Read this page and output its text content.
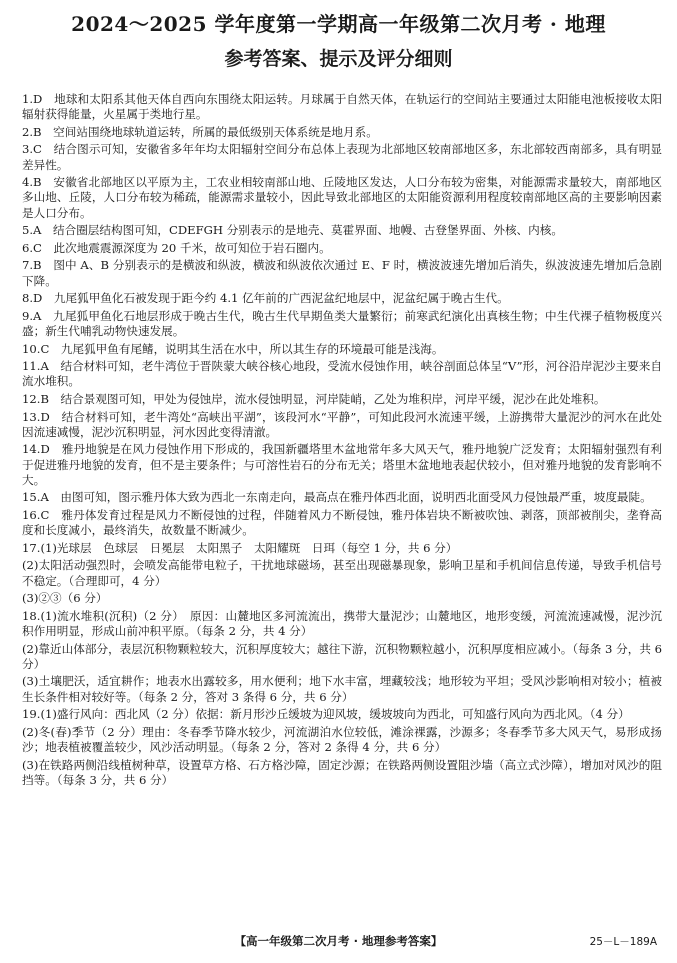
2024～2025 学年度第一学期高一年级第二次月考 · 地理
参考答案、提示及评分细则
1.D　地球和太阳系其他天体自西向东围绕太阳运转。月球属于自然天体，在轨运行的空间站主要通过太阳能电池板接收太阳辐射获得能量，火星属于类地行星。
2.B　空间站围绕地球轨道运转，所属的最低级别天体系统是地月系。
3.C　结合图示可知，安徽省多年年均太阳辐射空间分布总体上表现为北部地区较南部地区多，东北部较西南部多，具有明显差异性。
4.B　安徽省北部地区以平原为主，工农业相较南部山地、丘陵地区发达，人口分布较为密集，对能源需求量较大，南部地区多山地、丘陵，人口分布较为稀疏，能源需求量较小，因此导致北部地区的太阳能资源利用程度较南部地区高的主要影响因素是人口分布。
5.A　结合圈层结构图可知，CDEFGH 分别表示的是地壳、莫霍界面、地幔、古登堡界面、外核、内核。
6.C　此次地震震源深度为 20 千米，故可知位于岩石圈内。
7.B　图中 A、B 分别表示的是横波和纵波，横波和纵波依次通过 E、F 时，横波波速先增加后消失，纵波波速先增加后急剧下降。
8.D　九尾狐甲鱼化石被发现于距今约 4.1 亿年前的广西泥盆纪地层中，泥盆纪属于晚古生代。
9.A　九尾狐甲鱼化石地层形成于晚古生代，晚古生代早期鱼类大量繁衍；前寒武纪演化出真核生物；中生代裸子植物极度兴盛；新生代哺乳动物快速发展。
10.C　九尾狐甲鱼有尾鳍，说明其生活在水中，所以其生存的环境最可能是浅海。
11.A　结合材料可知，老牛湾位于晋陕蒙大峡谷核心地段，受流水侵蚀作用，峡谷剖面总体呈“V”形，河谷沿岸泥沙主要来自流水堆积。
12.B　结合景观图可知，甲处为侵蚀岸，流水侵蚀明显，河岸陡峭，乙处为堆积岸，河岸平缓，泥沙在此处堆积。
13.D　结合材料可知，老牛湾处“高峡出平湖”，该段河水“平静”，可知此段河水流速平缓，上游携带大量泥沙的河水在此处因流速减慢，泥沙沉积明显，河水因此变得清澈。
14.D　雅丹地貌是在风力侵蚀作用下形成的，我国新疆塔里木盆地常年多大风天气，雅丹地貌广泛发育；太阳辐射强烈有利于促进雅丹地貌的发育，但不是主要条件；与可溶性岩石的分布无关；塔里木盆地地表起伏较小，但对雅丹地貌的发育影响不大。
15.A　由图可知，图示雅丹体大致为西北一东南走向，最高点在雅丹体西北面，说明西北面受风力侵蚀最严重，坡度最陡。
16.C　雅丹体发育过程是风力不断侵蚀的过程，伴随着风力不断侵蚀，雅丹体岩块不断被吹蚀、剥落，顶部被削尖，垄脊高度和长度减小，最终消失，故数量不断减少。
17.(1)光球层　色球层　日冕层　太阳黑子　太阳耀斑　日珥（每空 1 分，共 6 分）
(2)太阳活动强烈时，会喷发高能带电粒子，干扰地球磁场，甚至出现磁暴现象，影响卫星和手机间信息传递，导致手机信号不稳定。（合理即可，4 分）
(3)②③（6 分）
18.(1)流水堆积(沉积)（2 分）　原因：山麓地区多河流流出，携带大量泥沙；山麓地区，地形变缓，河流流速减慢，泥沙沉积作用明显，形成山前冲积平原。（每条 2 分，共 4 分）
(2)靠近山体部分，表层沉积物颗粒较大，沉积厚度较大；越往下游，沉积物颗粒越小，沉积厚度相应减小。（每条 3 分，共 6 分）
(3)土壤肥沃，适宜耕作；地表水出露较多，用水便利；地下水丰富，埋藏较浅；地形较为平坦；受风沙影响相对较小；植被生长条件相对较好等。（每条 2 分，答对 3 条得 6 分，共 6 分）
19.(1)盛行风向：西北风（2 分）依据：新月形沙丘缓坡为迎风坡，缓坡坡向为西北，可知盛行风向为西北风。（4 分）
(2)冬(春)季节（2 分）理由：冬春季节降水较少，河流湖泊水位较低，滩涂裸露，沙源多；冬春季节多大风天气，易形成扬沙；地表植被覆盖较少，风沙活动明显。（每条 2 分，答对 2 条得 4 分，共 6 分）
(3)在铁路两侧沿线植树种草，设置草方格、石方格沙障，固定沙源；在铁路两侧设置阻沙墙（高立式沙障），增加对风沙的阻挡等。（每条 3 分，共 6 分）
【高一年级第二次月考 · 地理参考答案】	25－L－189A
